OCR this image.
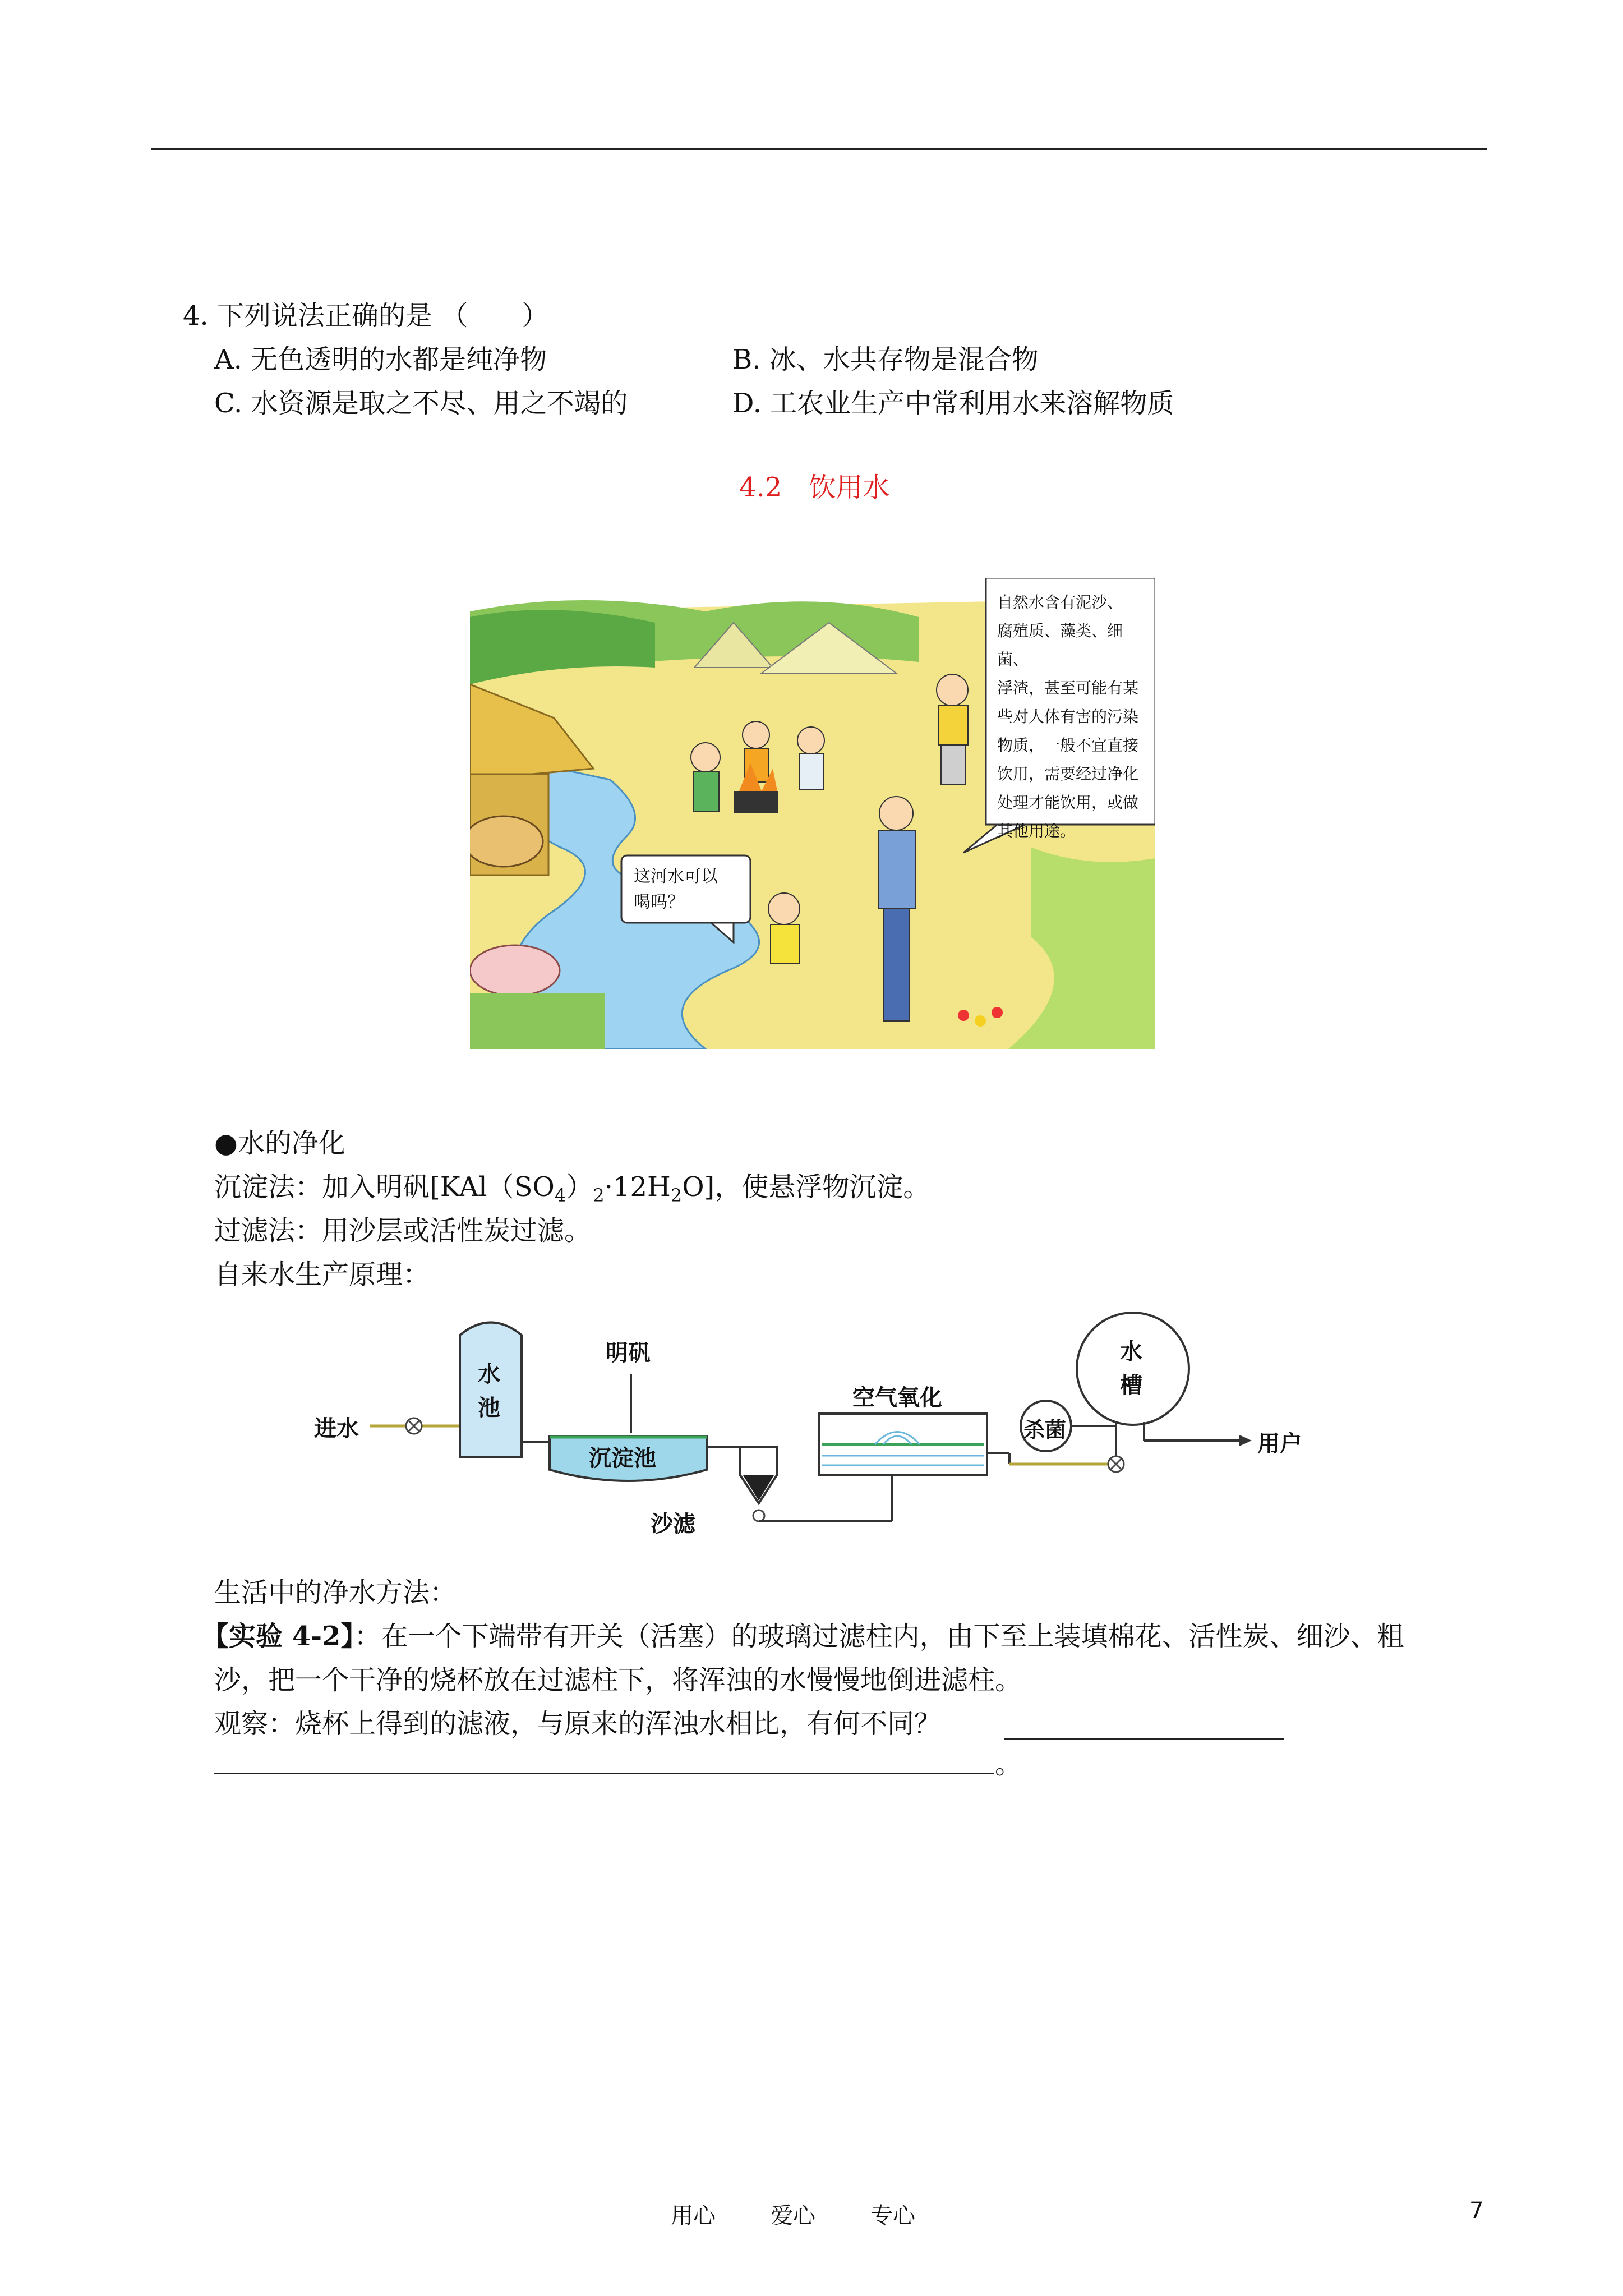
4. 下列说法正确的是 （　　）
A. 无色透明的水都是纯净物	B. 冰、水共存物是混合物
C. 水资源是取之不尽、用之不竭的	D. 工农业生产中常利用水来溶解物质
4.2　饮用水
自然水含有泥沙、
腐殖质、藻类、细菌、
浮渣，甚至可能有某
些对人体有害的污染
物质，一般不宜直接
饮用，需要经过净化
处理才能饮用，或做
其他用途。
这河水可以
喝吗？
●水的净化
沉淀法：加入明矾$[KAl(SO_4)_2\cdot 12H_2O]$，使悬浮物沉淀。
过滤法：用沙层或活性炭过滤。
自来水生产原理：
进水
水
池
明矾
沉淀池
沙滤
空气氧化
杀菌
水
槽
用户
生活中的净水方法：
【实验 4-2】：在一个下端带有开关（活塞）的玻璃过滤柱内，由下至上装填棉花、活性炭、细沙、粗
沙，把一个干净的烧杯放在过滤柱下，将浑浊的水慢慢地倒进滤柱。
观察：烧杯上得到的滤液，与原来的浑浊水相比，有何不同？
。
用心 爱心 专心	7
